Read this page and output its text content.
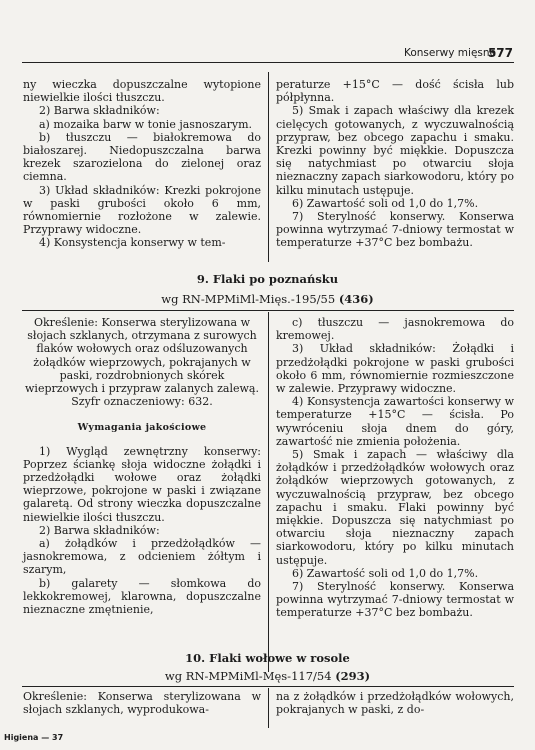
Konserwy mięsne
577

ny wieczka dopuszczalne wytopione niewielkie ilości tłuszczu.

2) Barwa składników:

a) mozaika barw w tonie jasnoszarym.

b) tłuszczu — białokremowa do białoszarej. Niedopuszczalna barwa krezek szarozielona do zielonej oraz ciemna.

3) Układ składników: Krezki pokrojone w paski grubości około 6 mm, równomiernie rozłożone w zalewie. Przyprawy widoczne.

4) Konsystencja konserwy w tem-

peraturze +15°C — dość ścisła lub półpłynna.

5) Smak i zapach właściwy dla krezek cielęcych gotowanych, z wyczuwalnością przypraw, bez obcego zapachu i smaku. Krezki powinny być miękkie. Dopuszcza się natychmiast po otwarciu słoja nieznaczny zapach siarkowodoru, który po kilku minutach ustępuje.

6) Zawartość soli od 1,0 do 1,7%.

7) Sterylność konserwy. Konserwa powinna wytrzymać 7-dniowy termostat w temperaturze +37°C bez bombażu.

9. Flaki po poznańsku
wg RN-MPMiMl-Mięs.-195/55 (436)

Określenie: Konserwa sterylizowana w słojach szklanych, otrzymana z surowych flaków wołowych oraz odśluzowanych żołądków wieprzowych, pokrajanych w paski, rozdrobnionych skórek wieprzowych i przypraw zalanych zalewą. Szyfr oznaczeniowy: 632.

Wymagania jakościowe

1) Wygląd zewnętrzny konserwy: Poprzez ściankę słoja widoczne żołądki i przedżołądki wołowe oraz żołądki wieprzowe, pokrojone w paski i związane galaretą. Od strony wieczka dopuszczalne niewielkie ilości tłuszczu.

2) Barwa składników:

a) żołądków i przedżołądków — jasnokremowa, z odcieniem żółtym i szarym,

b) galarety — słomkowa do lekkokremowej, klarowna, dopuszczalne nieznaczne zmętnienie,

c) tłuszczu — jasnokremowa do kremowej.

3) Układ składników: Żołądki i przedżołądki pokrojone w paski grubości około 6 mm, równomiernie rozmieszczone w zalewie. Przyprawy widoczne.

4) Konsystencja zawartości konserwy w temperaturze +15°C — ścisła. Po wywróceniu słoja dnem do góry, zawartość nie zmienia położenia.

5) Smak i zapach — właściwy dla żołądków i przedżołądków wołowych oraz żołądków wieprzowych gotowanych, z wyczuwalnością przypraw, bez obcego zapachu i smaku. Flaki powinny być miękkie. Dopuszcza się natychmiast po otwarciu słoja nieznaczny zapach siarkowodoru, który po kilku minutach ustępuje.

6) Zawartość soli od 1,0 do 1,7%.

7) Sterylność konserwy. Konserwa powinna wytrzymać 7-dniowy termostat w temperaturze +37°C bez bombażu.

10. Flaki wołowe w rosole
wg RN-MPMiMl-Męs-117/54 (293)

Określenie: Konserwa sterylizowana w słojach szklanych, wyprodukowa-

na z żołądków i przedżołądków wołowych, pokrajanych w paski, z do-

Higiena — 37
